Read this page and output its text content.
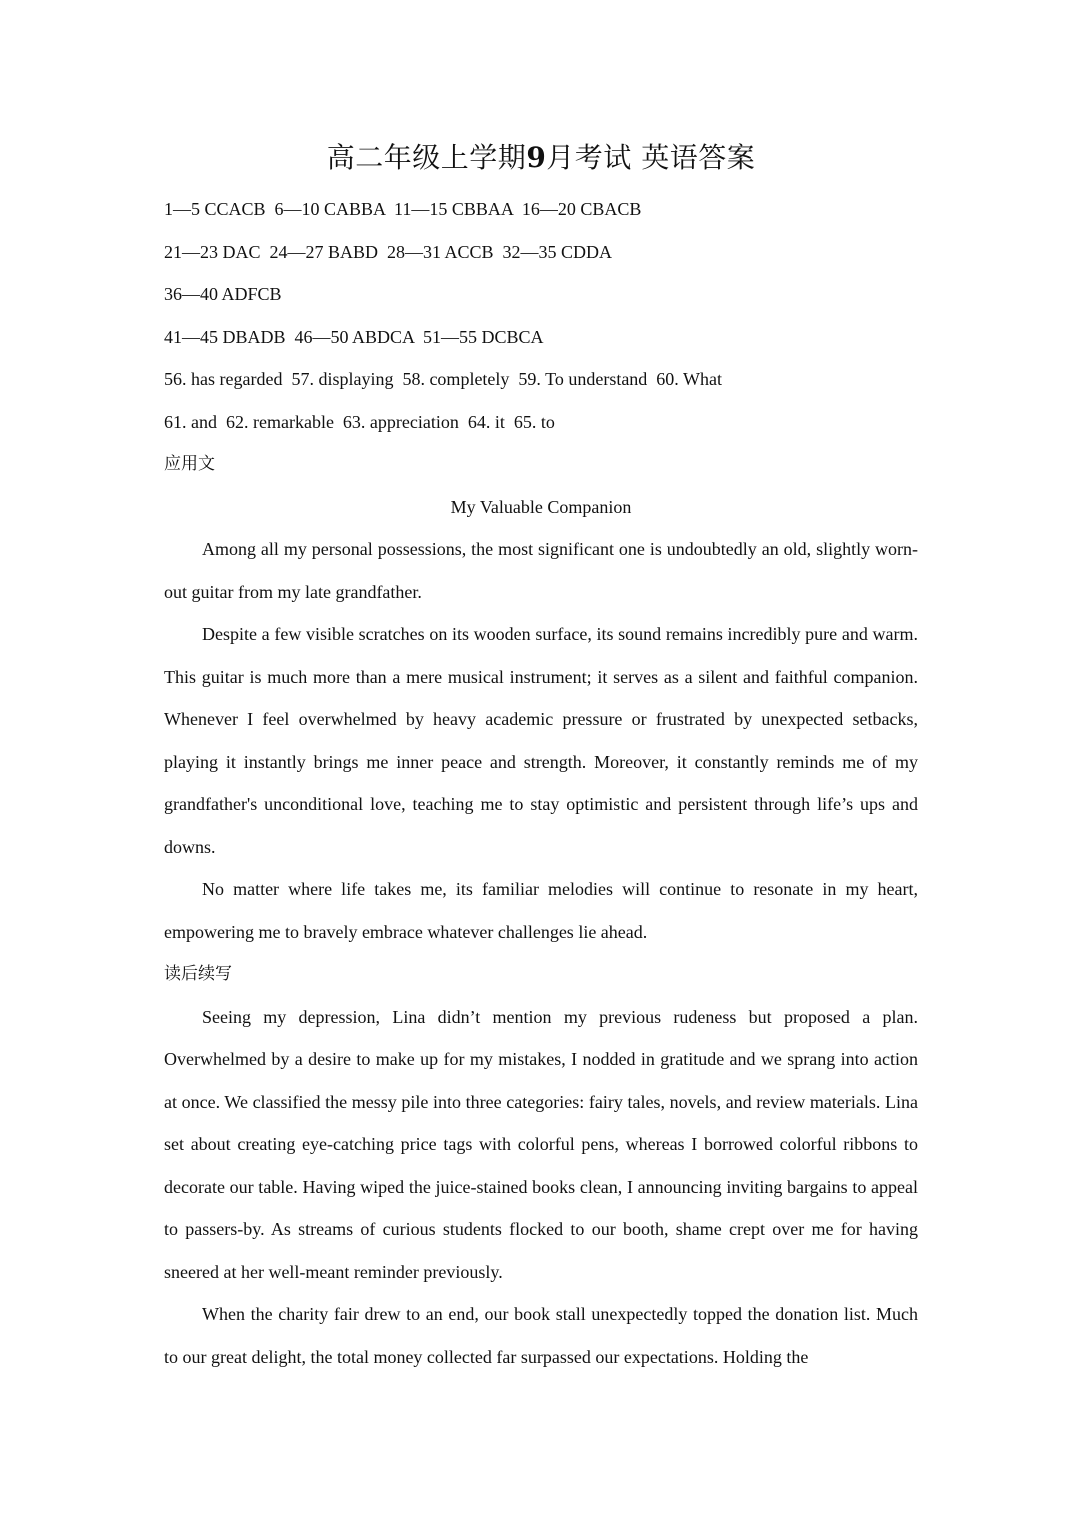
高二年级上学期9月考试 英语答案

1—5 CCACB  6—10 CABBA  11—15 CBBAA  16—20 CBACB

21—23 DAC  24—27 BABD  28—31 ACCB  32—35 CDDA

36—40 ADFCB

41—45 DBADB  46—50 ABDCA  51—55 DCBCA

56. has regarded  57. displaying  58. completely  59. To understand  60. What

61. and  62. remarkable  63. appreciation  64. it  65. to

应用文

My Valuable Companion

Among all my personal possessions, the most significant one is undoubtedly an old, slightly worn-out guitar from my late grandfather.

Despite a few visible scratches on its wooden surface, its sound remains incredibly pure and warm. This guitar is much more than a mere musical instrument; it serves as a silent and faithful companion. Whenever I feel overwhelmed by heavy academic pressure or frustrated by unexpected setbacks, playing it instantly brings me inner peace and strength. Moreover, it constantly reminds me of my grandfather's unconditional love, teaching me to stay optimistic and persistent through life’s ups and downs.

No matter where life takes me, its familiar melodies will continue to resonate in my heart, empowering me to bravely embrace whatever challenges lie ahead.

读后续写

Seeing my depression, Lina didn’t mention my previous rudeness but proposed a plan. Overwhelmed by a desire to make up for my mistakes, I nodded in gratitude and we sprang into action at once. We classified the messy pile into three categories: fairy tales, novels, and review materials. Lina set about creating eye-catching price tags with colorful pens, whereas I borrowed colorful ribbons to decorate our table. Having wiped the juice-stained books clean, I announcing inviting bargains to appeal to passers-by. As streams of curious students flocked to our booth, shame crept over me for having sneered at her well-meant reminder previously.

When the charity fair drew to an end, our book stall unexpectedly topped the donation list. Much to our great delight, the total money collected far surpassed our expectations. Holding the
